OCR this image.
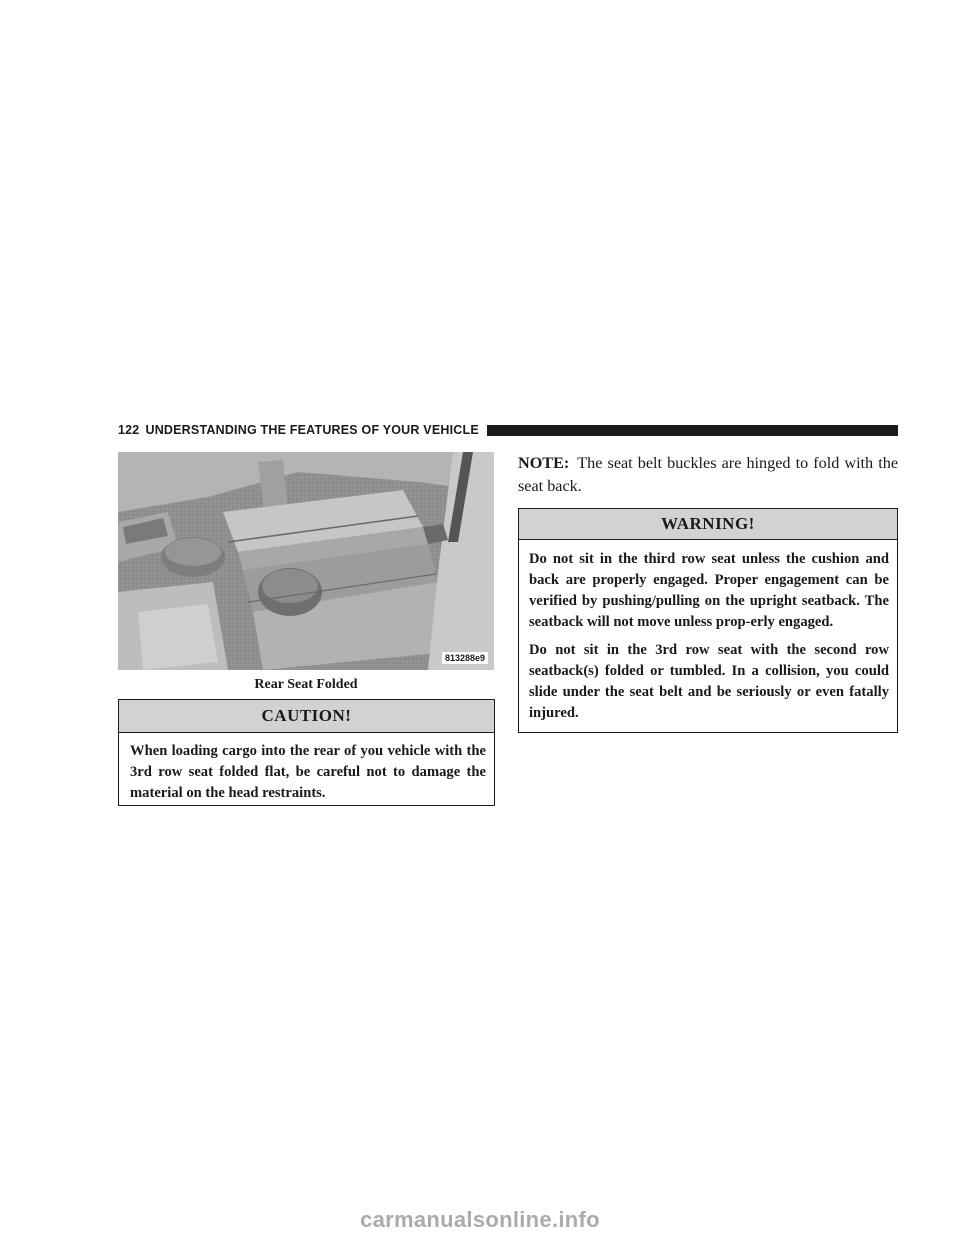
122 UNDERSTANDING THE FEATURES OF YOUR VEHICLE
813288e9
Rear Seat Folded
CAUTION!

When loading cargo into the rear of you vehicle with the 3rd row seat folded flat, be careful not to damage the material on the head restraints.

NOTE: The seat belt buckles are hinged to fold with the seat back.
WARNING!

Do not sit in the third row seat unless the cushion and back are properly engaged. Proper engagement can be verified by pushing/pulling on the upright seatback. The seatback will not move unless prop-erly engaged.

Do not sit in the 3rd row seat with the second row seatback(s) folded or tumbled. In a collision, you could slide under the seat belt and be seriously or even fatally injured.

carmanualsonline.info
